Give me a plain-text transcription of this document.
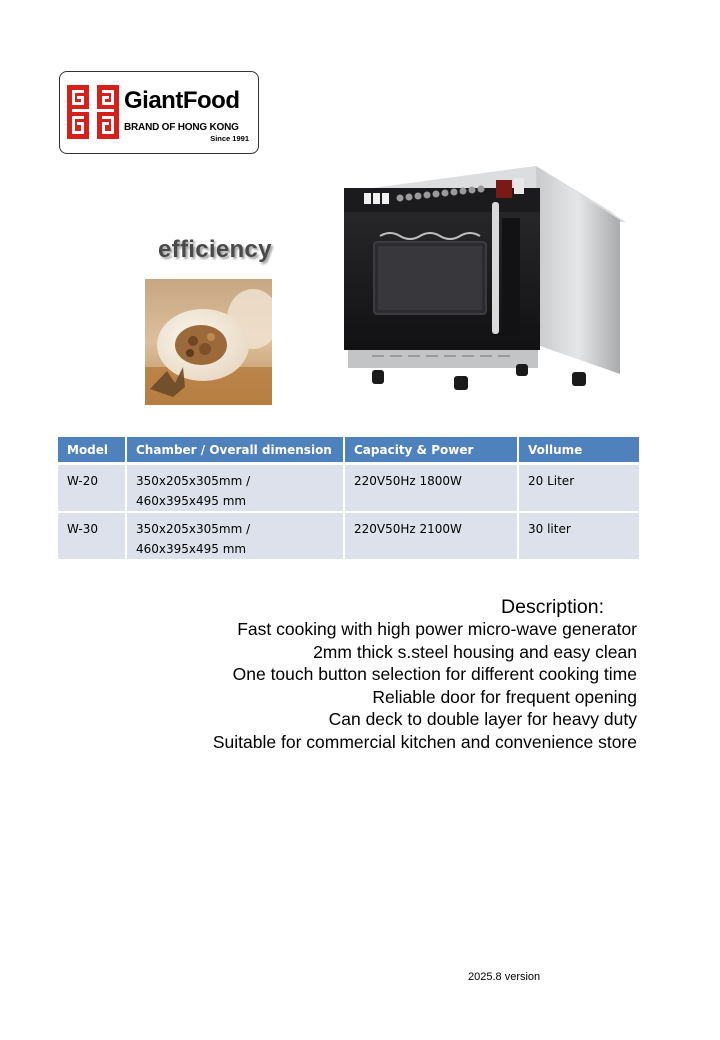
GiantFood
BRAND OF HONG KONG
Since 1991
efficiency
Model	Chamber / Overall dimension	Capacity & Power	Vollume
W-20	350x205x305mm /
460x395x495 mm	220V50Hz 1800W	20 Liter
W-30	350x205x305mm /
460x395x495 mm	220V50Hz 2100W	30 liter
Description:
Fast cooking with high power micro-wave generator
2mm thick s.steel housing and easy clean
One touch button selection for different cooking time
Reliable door for frequent opening
Can deck to double layer for heavy duty
Suitable for commercial kitchen and convenience store
2025.8 version
